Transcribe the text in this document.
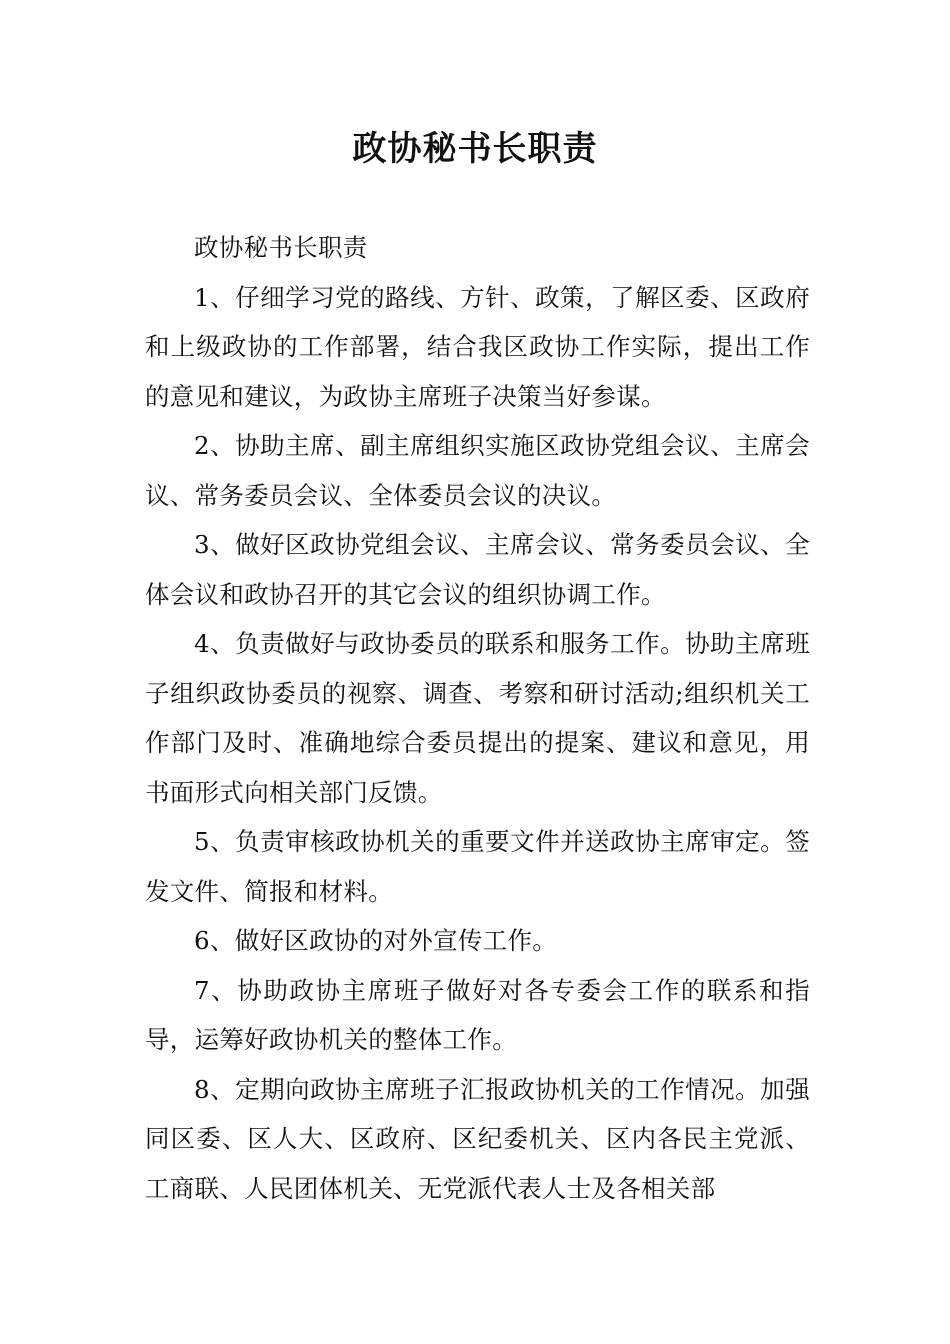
政协秘书长职责

政协秘书长职责

1、仔细学习党的路线、方针、政策，了解区委、区政府和上级政协的工作部署，结合我区政协工作实际，提出工作的意见和建议，为政协主席班子决策当好参谋。

2、协助主席、副主席组织实施区政协党组会议、主席会议、常务委员会议、全体委员会议的决议。

3、做好区政协党组会议、主席会议、常务委员会议、全体会议和政协召开的其它会议的组织协调工作。

4、负责做好与政协委员的联系和服务工作。协助主席班子组织政协委员的视察、调查、考察和研讨活动;组织机关工作部门及时、准确地综合委员提出的提案、建议和意见，用书面形式向相关部门反馈。

5、负责审核政协机关的重要文件并送政协主席审定。签发文件、简报和材料。

6、做好区政协的对外宣传工作。

7、协助政协主席班子做好对各专委会工作的联系和指导，运筹好政协机关的整体工作。

8、定期向政协主席班子汇报政协机关的工作情况。加强同区委、区人大、区政府、区纪委机关、区内各民主党派、工商联、人民团体机关、无党派代表人士及各相关部
